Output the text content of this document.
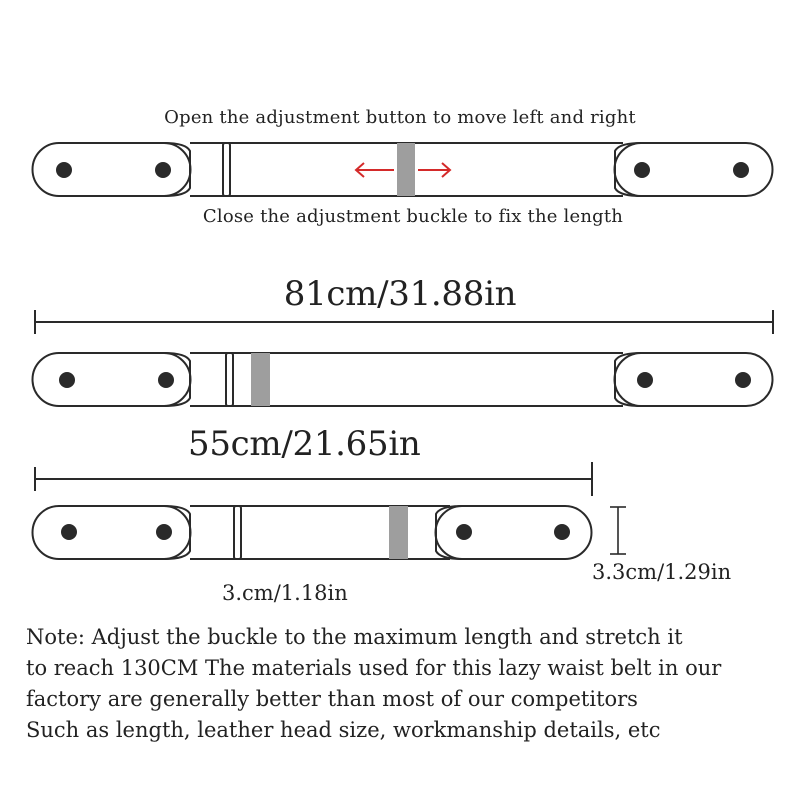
Open the adjustment button to move left and right
Close the adjustment buckle to fix the length
81cm/31.88in
55cm/21.65in
3.cm/1.18in
3.3cm/1.29in
Note: Adjust the buckle to the maximum length and stretch it
to reach 130CM The materials used for this lazy waist belt in our
factory are generally better than most of our competitors
Such as length, leather head size, workmanship details, etc
